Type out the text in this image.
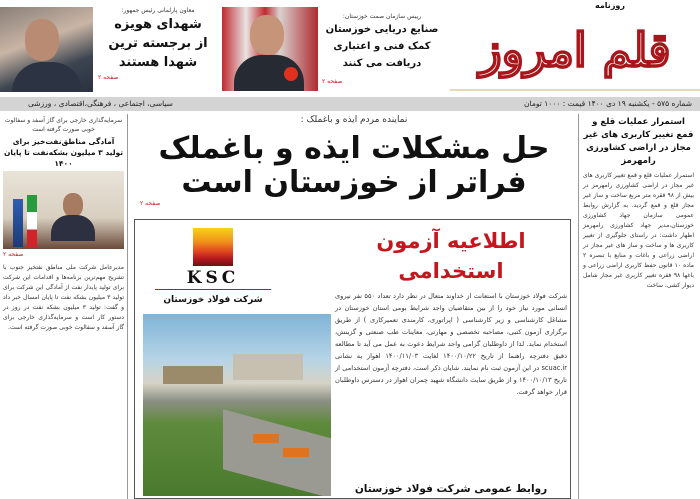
روزنامه
قلم امروز
معاون پارلمانی رئیس جمهور:
شهدای هویزه
از برجسته ترین
شهدا هستند
صفحه ۲
رییس سازمان صمت خوزستان:
صنایع دریایی خوزستان
کمک فنی و اعتباری
دریافت می کنند
صفحه ۲
شماره ۵۷۵ - یکشنبه ۱۹ دی ۱۴۰۰ قیمت : ۱۰۰۰ تومان
سیاسی، اجتماعی ، فرهنگی،اقتصادی ، ورزشی
استمرار عملیات قلع و قمع تغییر کاربری های غیر مجاز در اراضی کشاورزی رامهرمز
استمرار عملیات قلع و قمع تغییر کاربری های غیر مجاز در اراضی کشاورزی رامهرمز در بیش از ۹۸ فقره متر مربع ساخت و ساز غیر مجاز قلع و قمع گردید. به گزارش روابط عمومی سازمان جهاد کشاورزی خوزستان،مدیر جهاد کشاورزی رامهرمز اظهار داشت: در راستای جلوگیری از تغییر کاربری ها و ساخت و ساز های غیر مجاز در اراضی زراعی و باغات و منابع با تبصره ۲ ماده ۱۰ قانون حفظ کاربری اراضی زراعی و باغها ۹۸ فقره تغییر کاربری غیر مجاز شامل دیوار کشی، ساخت
سرمایه‌گذاری خارجی برای گاز آسفد و سفالوت خوبی صورت گرفته است
آمادگی مناطق‌نفت‌خیز برای تولید ۳ میلیون بشکه‌نفت تا پایان ۱۴۰۰
صفحه ۲
مدیرعامل شرکت ملی مناطق نفتخیز جنوب با تشریح مهم‌ترین برنامه‌ها و اقدامات این شرکت برای تولید پایدار نفت از آمادگی این شرکت برای تولید ۳ میلیون بشکه نفت تا پایان امسال خبر داد و گفت: تولید ۳ میلیون بشکه نفت در روز در دستور کار است و سرمایه‌گذاری خارجی برای گاز آسفد و سفالوت خوبی صورت گرفته است.
نماینده مردم ایذه و باغملک :
حل مشکلات ایذه و باغملک
فراتر از خوزستان است
صفحه ۲
KSC
شرکت فولاد خوزستان
اطلاعیه آزمون استخدامی
شرکت فولاد خوزستان با استعانت از خداوند متعال در نظر دارد تعداد ۵۵۰ نفر نیروی انسانی مورد نیاز خود را از بین متقاضیان واجد شرایط بومی استان خوزستان در مشاغل کارشناسی و زیر کارشناسی ( اپراتوری، کارمندی تعمیرکاری ) از طریق برگزاری آزمون کتبی، مصاحبه تخصصی و مهارتی، معاینات طب صنعتی و گزینش، استخدام نماید. لذا از داوطلبان گرامی واجد شرایط دعوت به عمل می آید تا مطالعه دقیق دفترچه راهنما از تاریخ ۱۴۰۰/۱۰/۲۲ لغایت ۱۴۰۰/۱۱/۰۳ اهواز به نشانی scuac.ir در این آزمون ثبت نام نمایند. شایان ذکر است، دفترچه آزمون استخدامی از تاریخ ۱۴۰۰/۱۰/۱۳ و از طریق سایت دانشگاه شهید چمران اهواز در دسترس داوطلبان قرار خواهد گرفت.
روابط عمومی شرکت فولاد خوزستان
